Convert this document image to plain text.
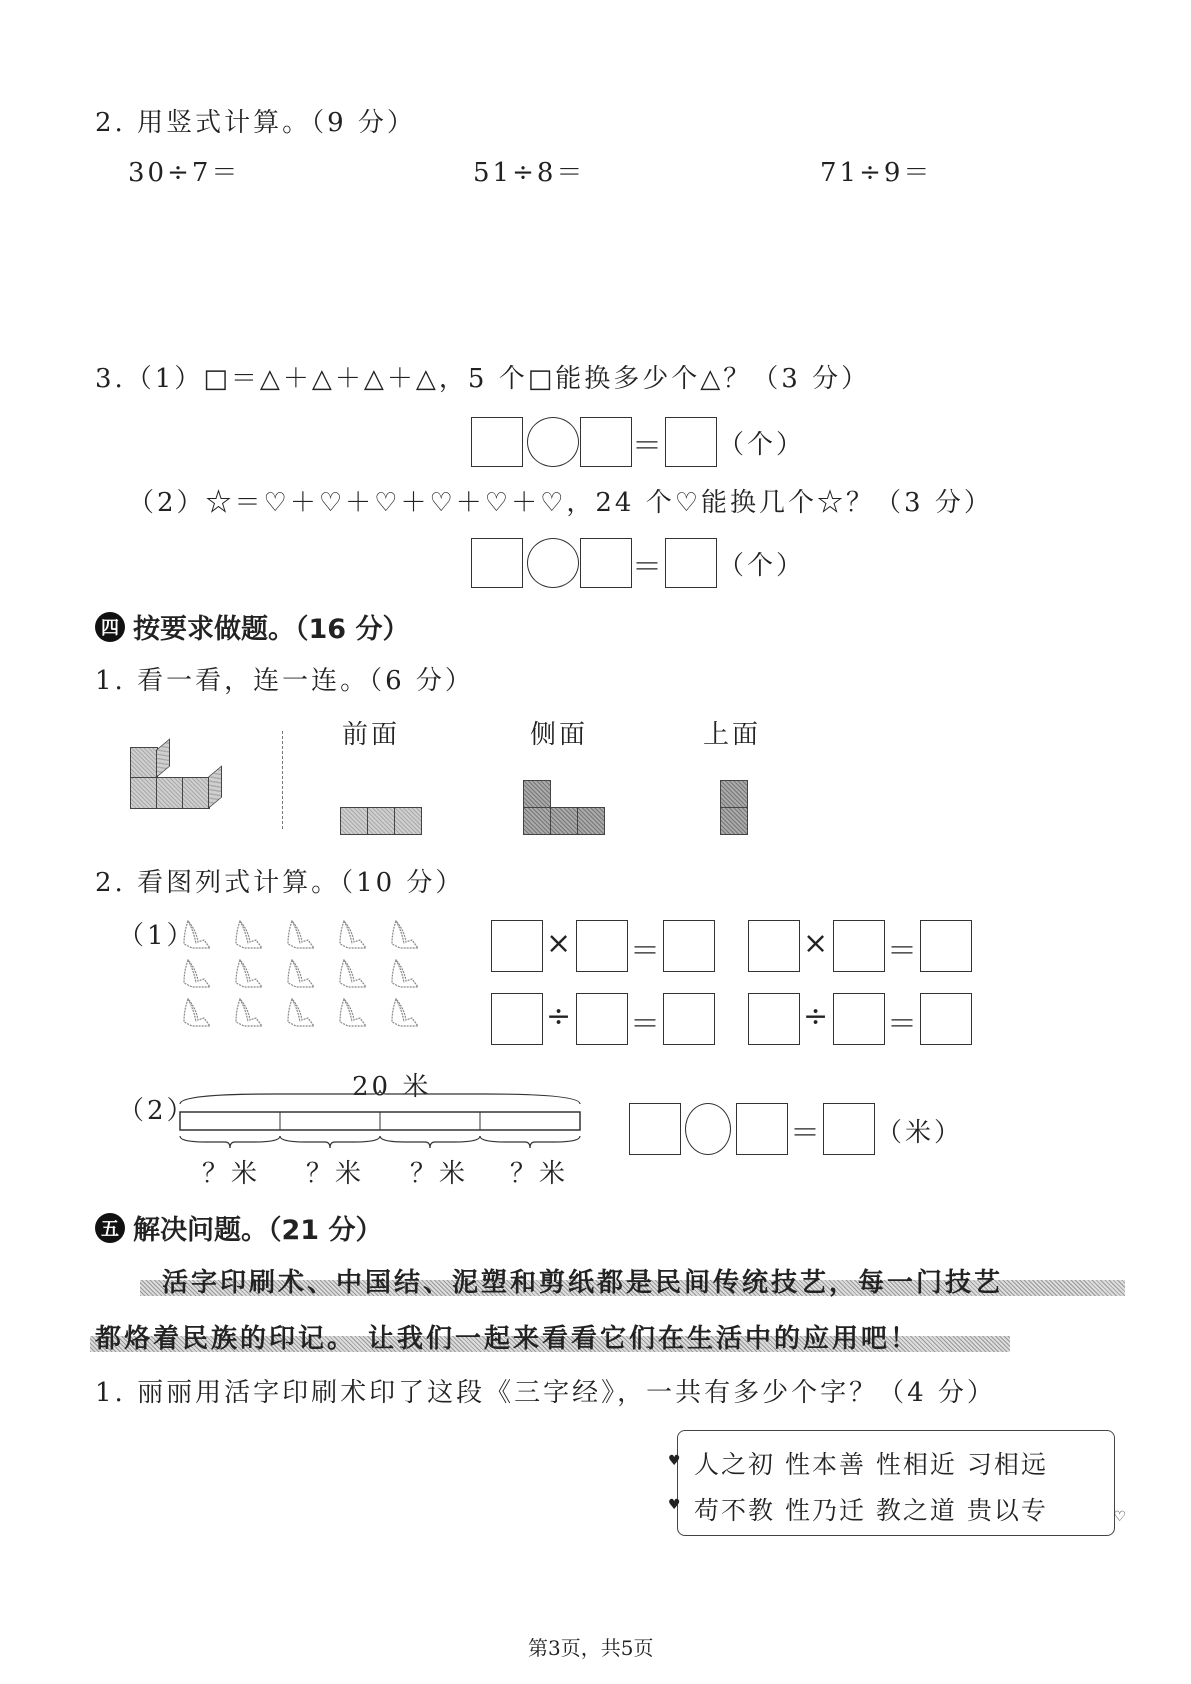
2. 用竖式计算。（9 分）
30÷7＝	51÷8＝	71÷9＝
3.（1）□＝△＋△＋△＋△，5 个□能换多少个△？（3 分）
＝ （个）
（2）☆＝♡＋♡＋♡＋♡＋♡＋♡，24 个♡能换几个☆？（3 分）
＝ （个）
四 按要求做题。（16 分）
1. 看一看，连一连。（6 分）
前面	侧面	上面
2. 看图列式计算。（10 分）
（1）	× ＝	× ＝
÷ ＝	÷ ＝
（2）
20 米
？米 ？米 ？米 ？米
＝ （米）
五 解决问题。（21 分）
活字印刷术、中国结、泥塑和剪纸都是民间传统技艺，每一门技艺
都烙着民族的印记。 让我们一起来看看它们在生活中的应用吧！
1. 丽丽用活字印刷术印了这段《三字经》，一共有多少个字？（4 分）
♥
♥
♡
人之初 性本善 性相近 习相远
苟不教 性乃迁 教之道 贵以专
第3页，共5页
